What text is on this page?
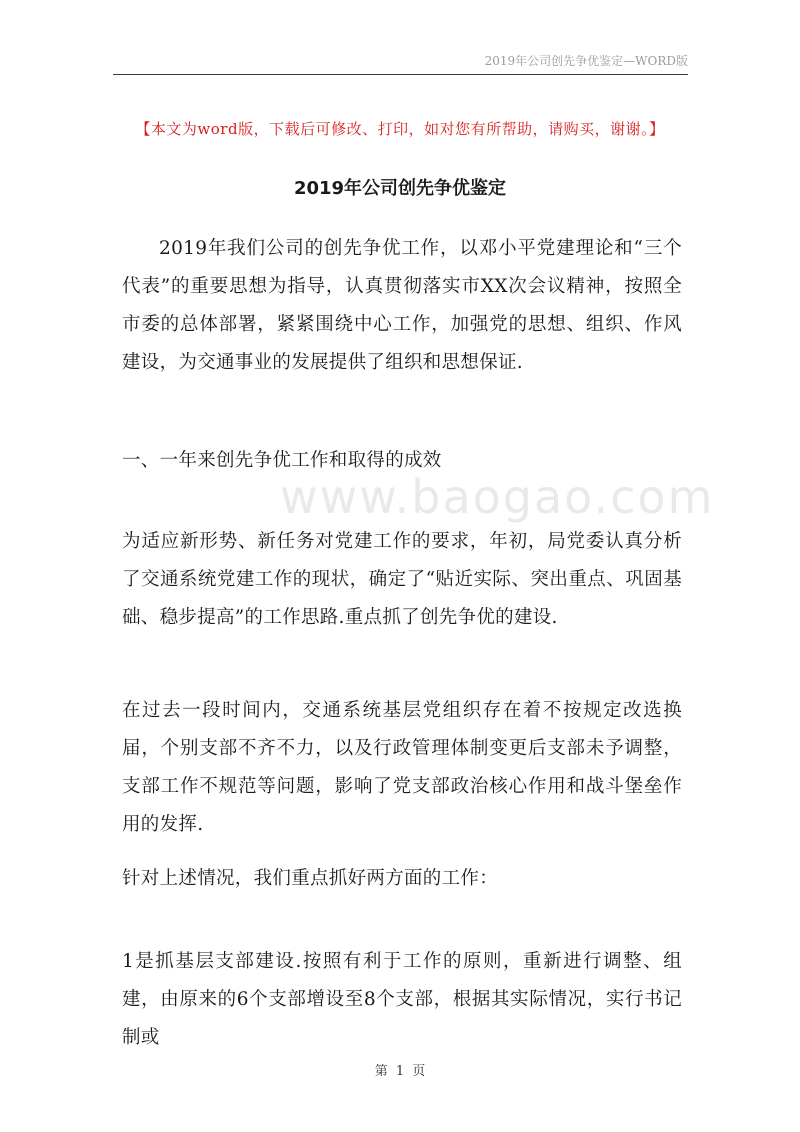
2019年公司创先争优鉴定—WORD版
【本文为word版，下载后可修改、打印，如对您有所帮助，请购买，谢谢。】
2019年公司创先争优鉴定
www.baogao.com

2019年我们公司的创先争优工作，以邓小平党建理论和“三个代表”的重要思想为指导，认真贯彻落实市XX次会议精神，按照全市委的总体部署，紧紧围绕中心工作，加强党的思想、组织、作风建设，为交通事业的发展提供了组织和思想保证.

一、一年来创先争优工作和取得的成效

为适应新形势、新任务对党建工作的要求，年初，局党委认真分析了交通系统党建工作的现状，确定了“贴近实际、突出重点、巩固基础、稳步提高”的工作思路.重点抓了创先争优的建设.

在过去一段时间内，交通系统基层党组织存在着不按规定改选换届，个别支部不齐不力，以及行政管理体制变更后支部未予调整，支部工作不规范等问题，影响了党支部政治核心作用和战斗堡垒作用的发挥.

针对上述情况，我们重点抓好两方面的工作：

1是抓基层支部建设.按照有利于工作的原则，重新进行调整、组建，由原来的6个支部增设至8个支部，根据其实际情况，实行书记制或

第 1 页
